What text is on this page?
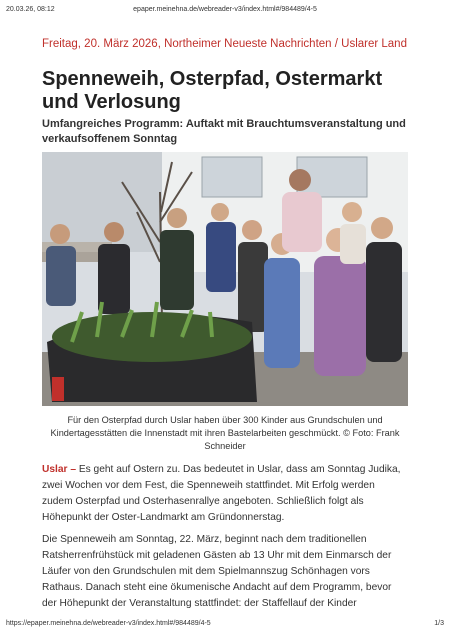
20.03.26, 08:12	epaper.meinehna.de/webreader-v3/index.html#/984489/4-5
Freitag, 20. März 2026, Northeimer Neueste Nachrichten / Uslarer Land
Spenneweih, Osterpfad, Ostermarkt und Verlosung
Umfangreiches Programm: Auftakt mit Brauchtumsveranstaltung und verkaufsoffenem Sonntag
Für den Osterpfad durch Uslar haben über 300 Kinder aus Grundschulen und Kindertagesstätten die Innenstadt mit ihren Bastelarbeiten geschmückt. © Foto: Frank Schneider

Uslar – Es geht auf Ostern zu. Das bedeutet in Uslar, dass am Sonntag Judika, zwei Wochen vor dem Fest, die Spenneweih stattfindet. Mit Erfolg werden zudem Osterpfad und Osterhasenrallye angeboten. Schließlich folgt als Höhepunkt der Oster-Landmarkt am Gründonnerstag.

Die Spenneweih am Sonntag, 22. März, beginnt nach dem traditionellen Ratsherrenfrühstück mit geladenen Gästen ab 13 Uhr mit dem Einmarsch der Läufer von den Grundschulen mit dem Spielmannszug Schönhagen vors Rathaus. Danach steht eine ökumenische Andacht auf dem Programm, bevor der Höhepunkt der Veranstaltung stattfindet: der Staffellauf der Kinder

https://epaper.meinehna.de/webreader-v3/index.html#/984489/4-5	1/3
